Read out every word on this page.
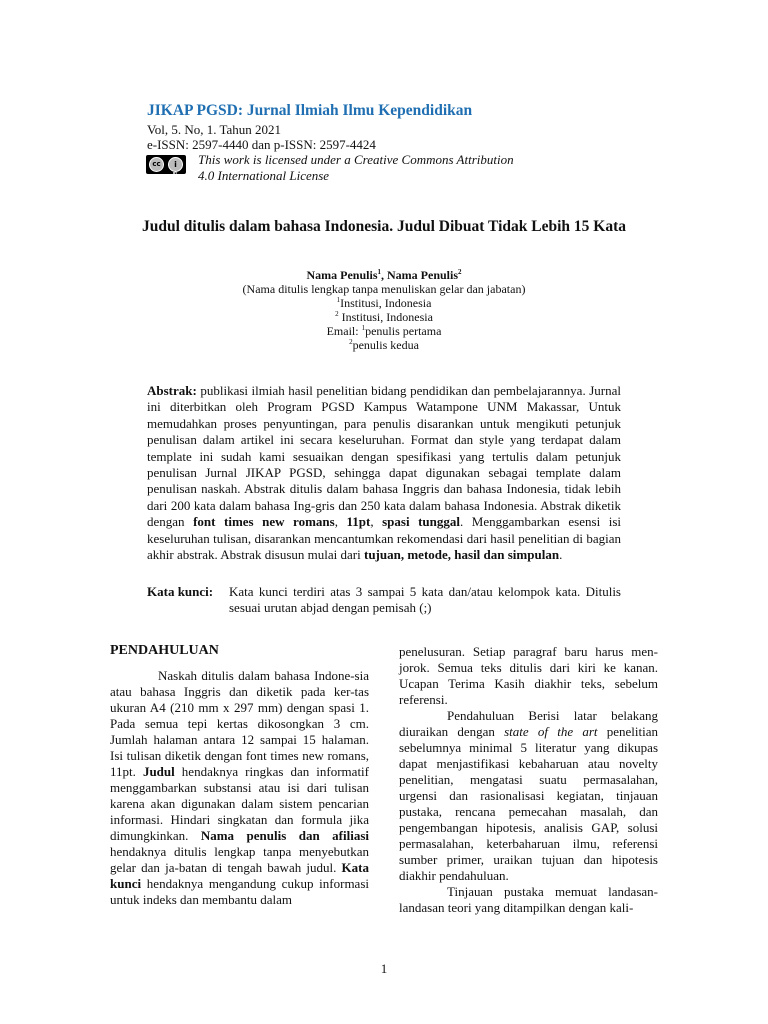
JIKAP PGSD: Jurnal Ilmiah Ilmu Kependidikan
Vol, 5. No, 1. Tahun 2021
e-ISSN: 2597-4440 dan p-ISSN: 2597-4424
cc	i
BY
This work is licensed under a Creative Commons Attribution
4.0 International License
Judul ditulis dalam bahasa Indonesia. Judul Dibuat Tidak Lebih 15 Kata
Nama Penulis$^1$, Nama Penulis$^2$
(Nama ditulis lengkap tanpa menuliskan gelar dan jabatan)
$^1$Institusi, Indonesia
$^2$ Institusi, Indonesia
Email: $^1$penulis pertama
$^2$penulis kedua
Abstrak: publikasi ilmiah hasil penelitian bidang pendidikan dan pembelajarannya. Jurnal ini diterbitkan oleh Program PGSD Kampus Watampone UNM Makassar, Untuk memudahkan proses penyuntingan, para penulis disarankan untuk mengikuti petunjuk penulisan dalam artikel ini secara keseluruhan. Format dan style yang terdapat dalam template ini sudah kami sesuaikan dengan spesifikasi yang tertulis dalam petunjuk penulisan Jurnal JIKAP PGSD, sehingga dapat digunakan sebagai template dalam penulisan naskah. Abstrak ditulis dalam bahasa Inggris dan bahasa Indonesia, tidak lebih dari 200 kata dalam bahasa Ing-gris dan 250 kata dalam bahasa Indonesia. Abstrak diketik dengan font times new romans, 11pt, spasi tunggal. Menggambarkan esensi isi keseluruhan tulisan, disarankan mencantumkan rekomendasi dari hasil penelitian di bagian akhir abstrak. Abstrak disusun mulai dari tujuan, metode, hasil dan simpulan.
Kata kunci: Kata kunci terdiri atas 3 sampai 5 kata dan/atau kelompok kata. Ditulis sesuai urutan abjad dengan pemisah (;)
PENDAHULUAN

Naskah ditulis dalam bahasa Indone-sia atau bahasa Inggris dan diketik pada ker-tas ukuran A4 (210 mm x 297 mm) dengan spasi 1. Pada semua tepi kertas dikosongkan 3 cm. Jumlah halaman antara 12 sampai 15 halaman. Isi tulisan diketik dengan font times new romans, 11pt. Judul hendaknya ringkas dan informatif menggambarkan substansi atau isi dari tulisan karena akan digunakan dalam sistem pencarian informasi. Hindari singkatan dan formula jika dimungkinkan. Nama penulis dan afiliasi hendaknya ditulis lengkap tanpa menyebutkan gelar dan ja-batan di tengah bawah judul. Kata kunci hendaknya mengandung cukup informasi untuk indeks dan membantu dalam

penelusuran. Setiap paragraf baru harus men-jorok. Semua teks ditulis dari kiri ke kanan. Ucapan Terima Kasih diakhir teks, sebelum referensi.

Pendahuluan Berisi latar belakang diuraikan dengan state of the art penelitian sebelumnya minimal 5 literatur yang dikupas dapat menjastifikasi kebaharuan atau novelty penelitian, mengatasi suatu permasalahan, urgensi dan rasionalisasi kegiatan, tinjauan pustaka, rencana pemecahan masalah, dan pengembangan hipotesis, analisis GAP, solusi permasalahan, keterbaharuan ilmu, referensi sumber primer, uraikan tujuan dan hipotesis diakhir pendahuluan.

Tinjauan pustaka memuat landasan-landasan teori yang ditampilkan dengan kali-

1
